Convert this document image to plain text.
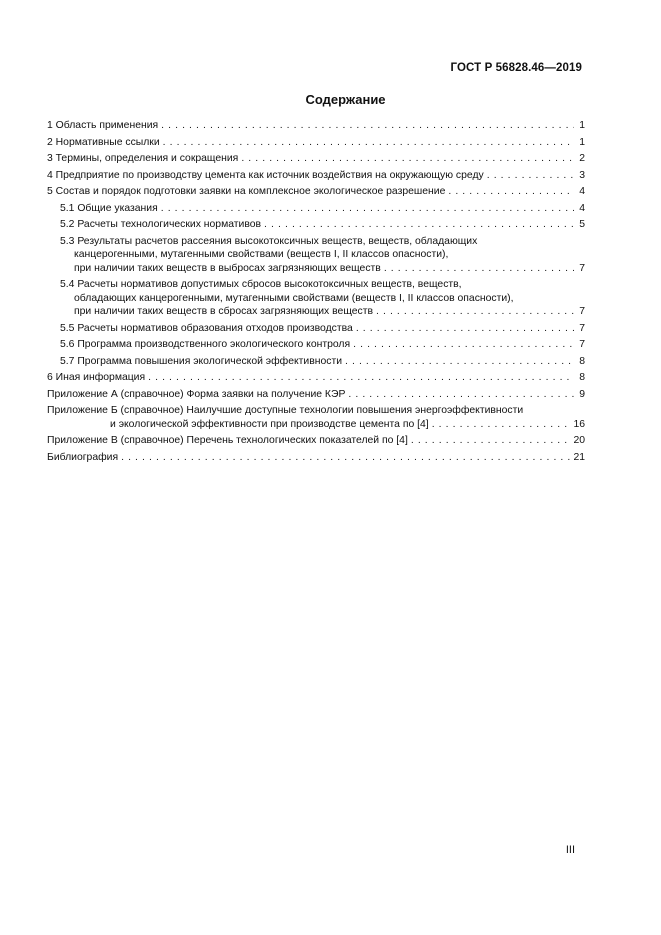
ГОСТ Р 56828.46—2019
Содержание
1 Область применения . . .	1
2 Нормативные ссылки . . .	1
3 Термины, определения и сокращения . . .	2
4 Предприятие по производству цемента как источник воздействия на окружающую среду . . .	3
5 Состав и порядок подготовки заявки на комплексное экологическое разрешение . . .	4
5.1 Общие указания . . .	4
5.2 Расчеты технологических нормативов . . .	5
5.3 Результаты расчетов рассеяния высокотоксичных веществ, веществ, обладающих
канцерогенными, мутагенными свойствами (веществ I, II классов опасности),
при наличии таких веществ в выбросах загрязняющих веществ . . .	7
5.4 Расчеты нормативов допустимых сбросов высокотоксичных веществ, веществ,
обладающих канцерогенными, мутагенными свойствами (веществ I, II классов опасности),
при наличии таких веществ в сбросах загрязняющих веществ . . .	7
5.5 Расчеты нормативов образования отходов производства . . .	7
5.6 Программа производственного экологического контроля . . .	7
5.7 Программа повышения экологической эффективности . . .	8
6 Иная информация . . .	8
Приложение А (справочное) Форма заявки на получение КЭР . . .	9
Приложение Б (справочное) Наилучшие доступные технологии повышения энергоэффективности
и экологической эффективности при производстве цемента по [4] . . .	16
Приложение В (справочное) Перечень технологических показателей по [4] . . .	20
Библиография . . .	21
III
